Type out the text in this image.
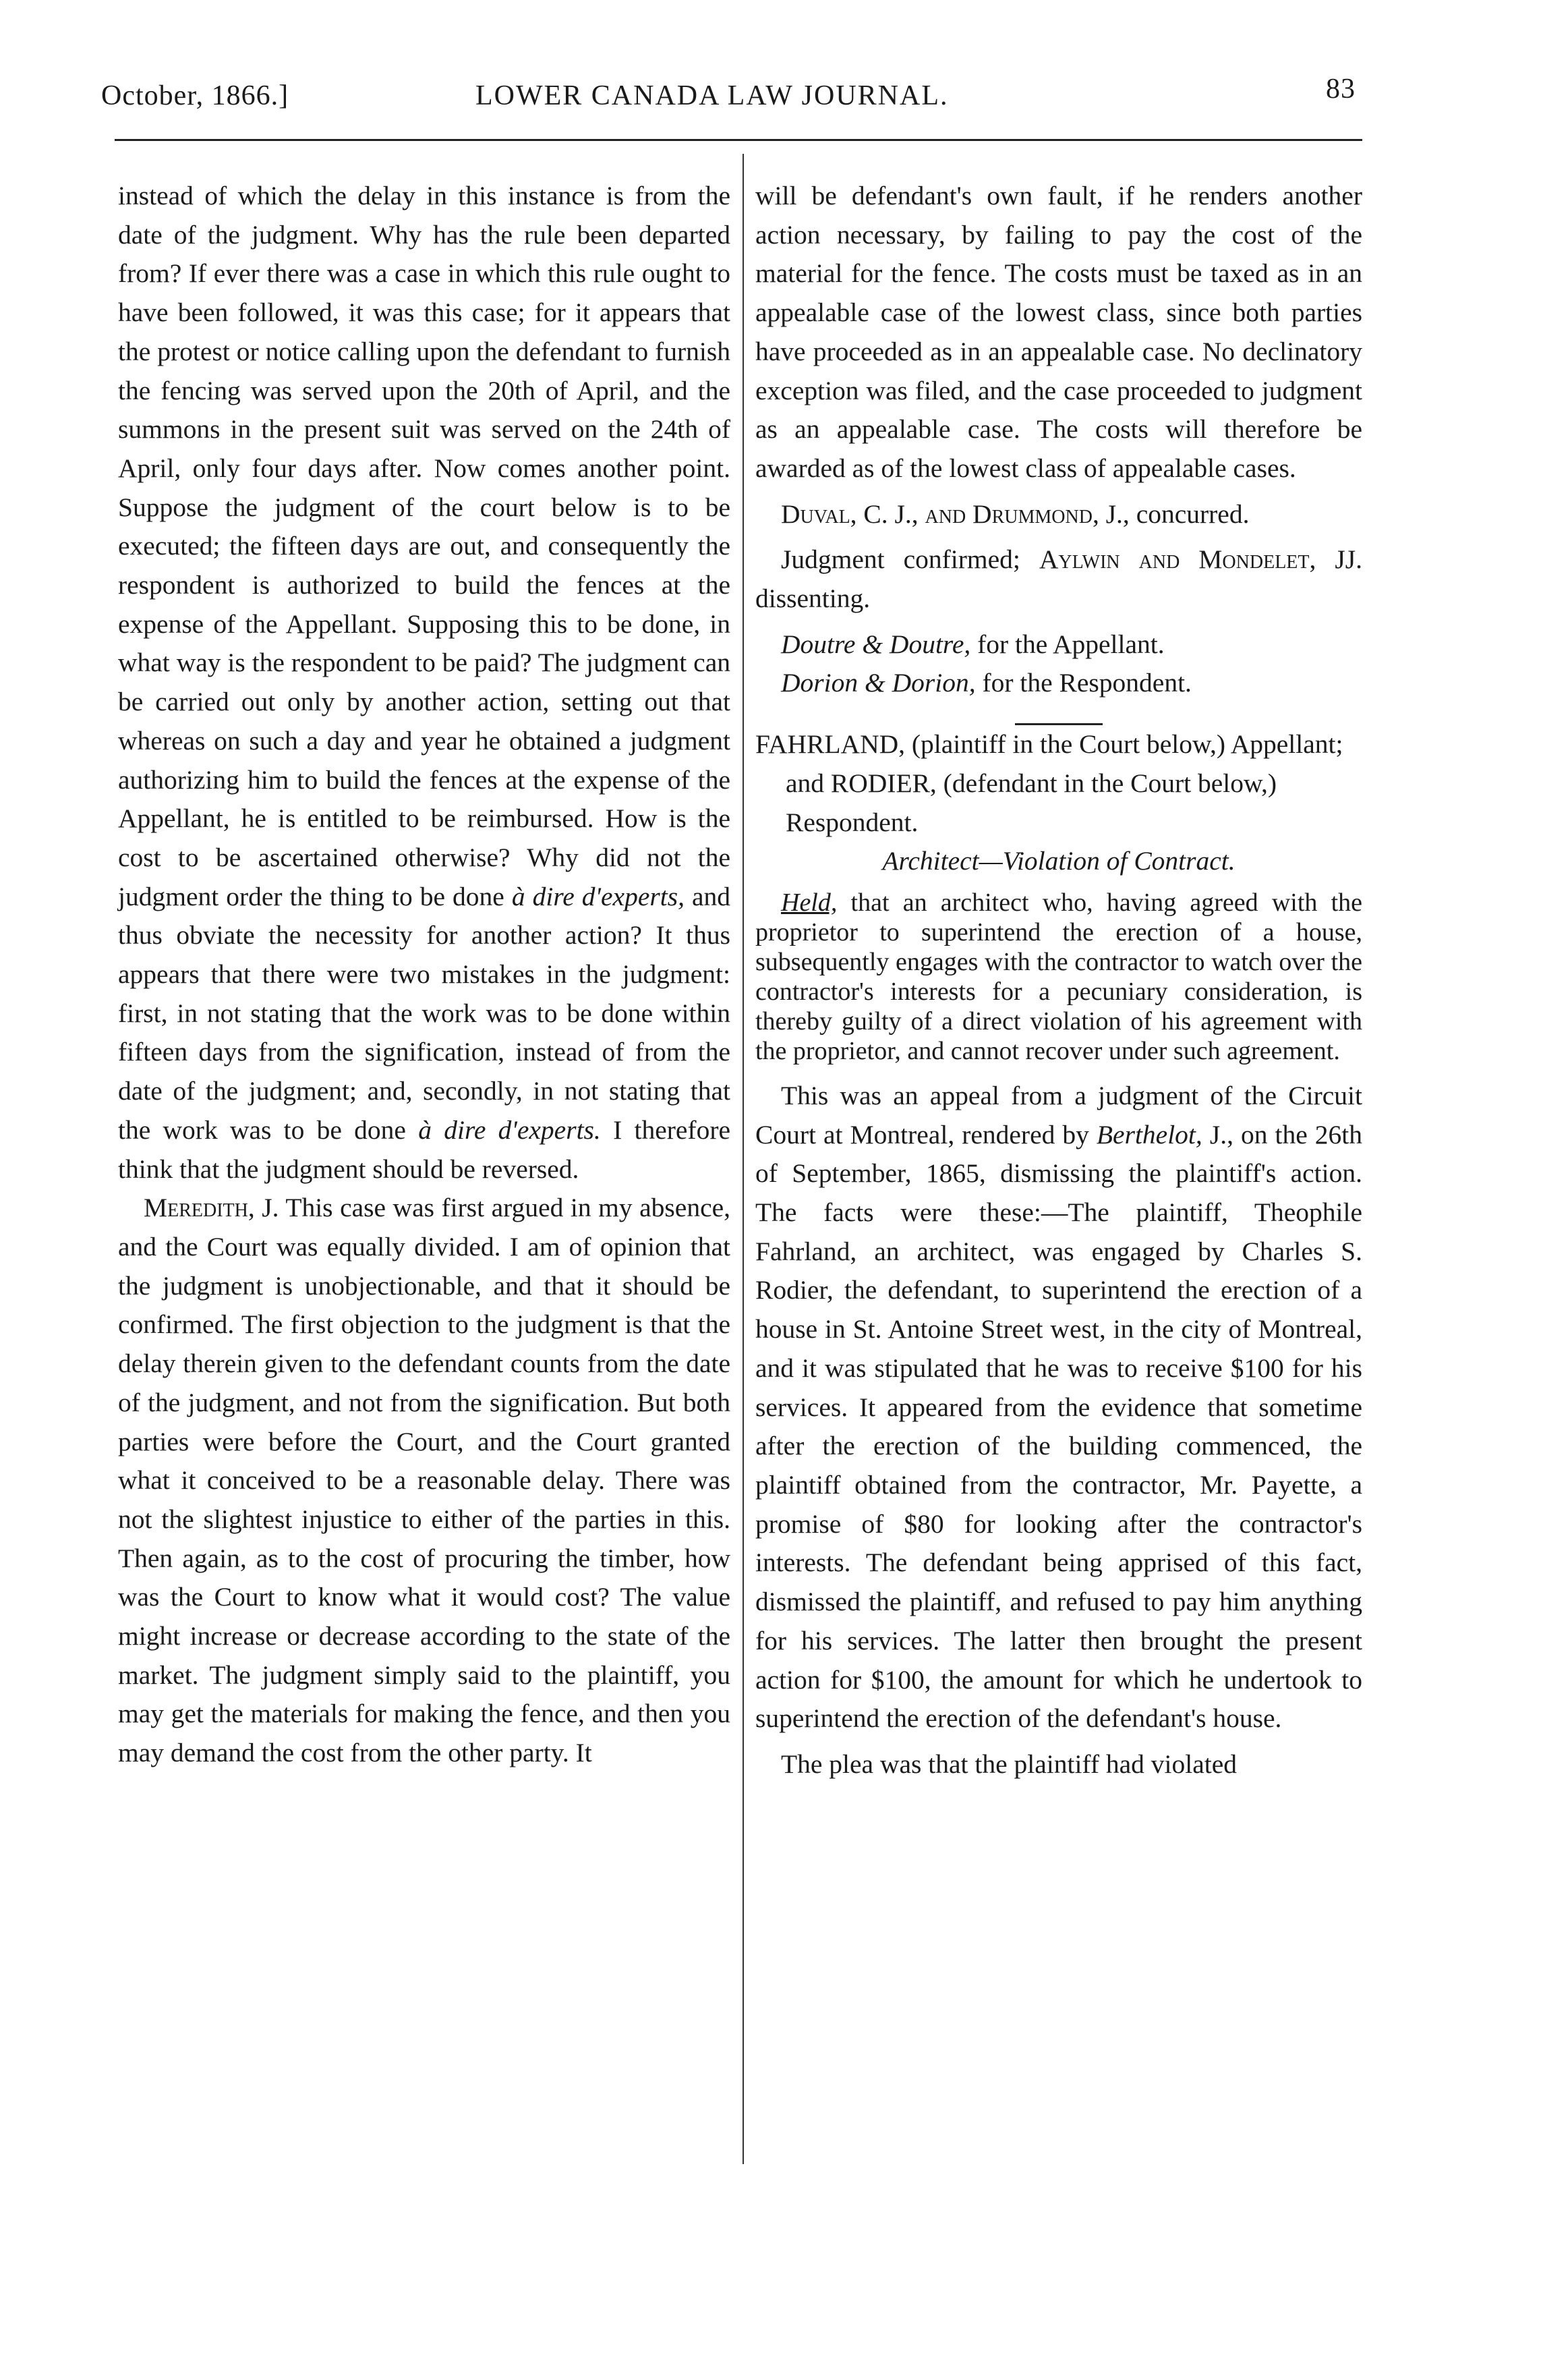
October, 1866.]	LOWER CANADA LAW JOURNAL.	83

instead of which the delay in this instance is from the date of the judgment. Why has the rule been departed from? If ever there was a case in which this rule ought to have been followed, it was this case; for it appears that the protest or notice calling upon the defendant to furnish the fencing was served upon the 20th of April, and the summons in the present suit was served on the 24th of April, only four days after. Now comes another point. Suppose the judgment of the court below is to be executed; the fifteen days are out, and consequently the respondent is authorized to build the fences at the expense of the Appellant. Supposing this to be done, in what way is the respondent to be paid? The judgment can be carried out only by another action, setting out that whereas on such a day and year he obtained a judgment authorizing him to build the fences at the expense of the Appellant, he is entitled to be reimbursed. How is the cost to be ascertained otherwise? Why did not the judgment order the thing to be done à dire d'experts, and thus obviate the necessity for another action? It thus appears that there were two mistakes in the judgment: first, in not stating that the work was to be done within fifteen days from the signification, instead of from the date of the judgment; and, secondly, in not stating that the work was to be done à dire d'experts. I therefore think that the judgment should be reversed.

Meredith, J. This case was first argued in my absence, and the Court was equally divided. I am of opinion that the judgment is unobjectionable, and that it should be confirmed. The first objection to the judgment is that the delay therein given to the defendant counts from the date of the judgment, and not from the signification. But both parties were before the Court, and the Court granted what it conceived to be a reasonable delay. There was not the slightest injustice to either of the parties in this. Then again, as to the cost of procuring the timber, how was the Court to know what it would cost? The value might increase or decrease according to the state of the market. The judgment simply said to the plaintiff, you may get the materials for making the fence, and then you may demand the cost from the other party. It

will be defendant's own fault, if he renders another action necessary, by failing to pay the cost of the material for the fence. The costs must be taxed as in an appealable case of the lowest class, since both parties have proceeded as in an appealable case. No declinatory exception was filed, and the case proceeded to judgment as an appealable case. The costs will therefore be awarded as of the lowest class of appealable cases.

Duval, C. J., and Drummond, J., concurred.

Judgment confirmed; Aylwin and Mondelet, JJ. dissenting.

Doutre & Doutre, for the Appellant.

Dorion & Dorion, for the Respondent.

FAHRLAND, (plaintiff in the Court below,) Appellant; and RODIER, (defendant in the Court below,) Respondent.

Architect—Violation of Contract.

Held, that an architect who, having agreed with the proprietor to superintend the erection of a house, subsequently engages with the contractor to watch over the contractor's interests for a pecuniary consideration, is thereby guilty of a direct violation of his agreement with the proprietor, and cannot recover under such agreement.

This was an appeal from a judgment of the Circuit Court at Montreal, rendered by Berthelot, J., on the 26th of September, 1865, dismissing the plaintiff's action. The facts were these:—The plaintiff, Theophile Fahrland, an architect, was engaged by Charles S. Rodier, the defendant, to superintend the erection of a house in St. Antoine Street west, in the city of Montreal, and it was stipulated that he was to receive $100 for his services. It appeared from the evidence that sometime after the erection of the building commenced, the plaintiff obtained from the contractor, Mr. Payette, a promise of $80 for looking after the contractor's interests. The defendant being apprised of this fact, dismissed the plaintiff, and refused to pay him anything for his services. The latter then brought the present action for $100, the amount for which he undertook to superintend the erection of the defendant's house.

The plea was that the plaintiff had violated
